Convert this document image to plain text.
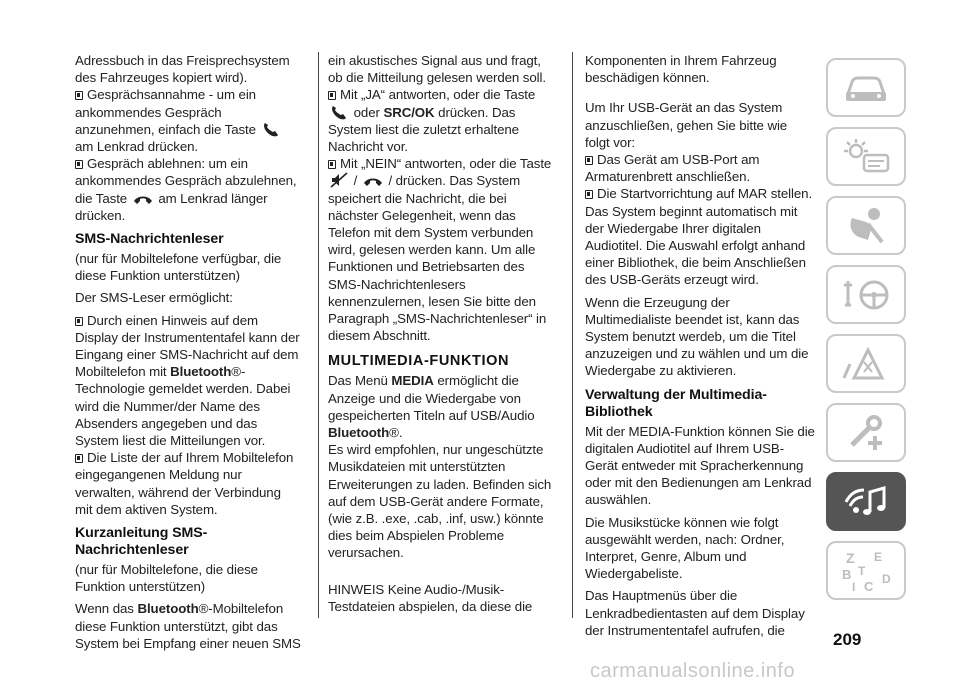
Adressbuch in das Freisprechsystem des Fahrzeuges kopiert wird).
Gesprächsannahme - um ein ankommendes Gespräch anzunehmen, einfach die Taste  am Lenkrad drücken.
Gespräch ablehnen: um ein ankommendes Gespräch abzulehnen, die Taste am Lenkrad länger drücken.
SMS-Nachrichtenleser
(nur für Mobiltelefone verfügbar, die diese Funktion unterstützen)
Der SMS-Leser ermöglicht:
Durch einen Hinweis auf dem Display der Instrumententafel kann der Eingang einer SMS-Nachricht auf dem Mobiltelefon mit Bluetooth®-Technologie gemeldet werden. Dabei wird die Nummer/der Name des Absenders angegeben und das System liest die Mitteilungen vor.
Die Liste der auf Ihrem Mobiltelefon eingegangenen Meldung nur verwalten, während der Verbindung mit dem aktiven System.
Kurzanleitung SMS-Nachrichtenleser
(nur für Mobiltelefone, die diese Funktion unterstützen)
Wenn das Bluetooth®-Mobiltelefon diese Funktion unterstützt, gibt das System bei Empfang einer neuen SMS
ein akustisches Signal aus und fragt, ob die Mitteilung gelesen werden soll.
Mit „JA“ antworten, oder die Taste  oder SRC/OK drücken. Das System liest die zuletzt erhaltene Nachricht vor.
Mit „NEIN“ antworten, oder die Taste  / / drücken. Das System speichert die Nachricht, die bei nächster Gelegenheit, wenn das Telefon mit dem System verbunden wird, gelesen werden kann. Um alle Funktionen und Betriebsarten des SMS-Nachrichtenlesers kennenzulernen, lesen Sie bitte den Paragraph „SMS-Nachrichtenleser“ in diesem Abschnitt.
MULTIMEDIA-FUNKTION
Das Menü MEDIA ermöglicht die Anzeige und die Wiedergabe von gespeicherten Titeln auf USB/Audio Bluetooth®.
Es wird empfohlen, nur ungeschützte Musikdateien mit unterstützten Erweiterungen zu laden. Befinden sich auf dem USB-Gerät andere Formate, (wie z.B. .exe, .cab, .inf, usw.) könnte dies beim Abspielen Probleme verursachen.
HINWEIS Keine Audio-/Musik-Testdateien abspielen, da diese die
Komponenten in Ihrem Fahrzeug beschädigen können.
Um Ihr USB-Gerät an das System anzuschließen, gehen Sie bitte wie folgt vor:
Das Gerät am USB-Port am Armaturenbrett anschließen.
Die Startvorrichtung auf MAR stellen. Das System beginnt automatisch mit der Wiedergabe Ihrer digitalen Audiotitel. Die Auswahl erfolgt anhand einer Bibliothek, die beim Anschließen des USB-Geräts erzeugt wird.
Wenn die Erzeugung der Multimedialiste beendet ist, kann das System benutzt werdeb, um die Titel anzuzeigen und zu wählen und um die Wiedergabe zu aktivieren.
Verwaltung der Multimedia-Bibliothek
Mit der MEDIA-Funktion können Sie die digitalen Audiotitel auf Ihrem USB-Gerät entweder mit Spracherkennung oder mit den Bedienungen am Lenkrad auswählen.
Die Musikstücke können wie folgt ausgewählt werden, nach: Ordner, Interpret, Genre, Album und Wiedergabeliste.
Das Hauptmenüs über die Lenkradbedientasten auf dem Display der Instrumententafel aufrufen, die
Z E
B
C D
I
T
209
carmanualsonline.info
